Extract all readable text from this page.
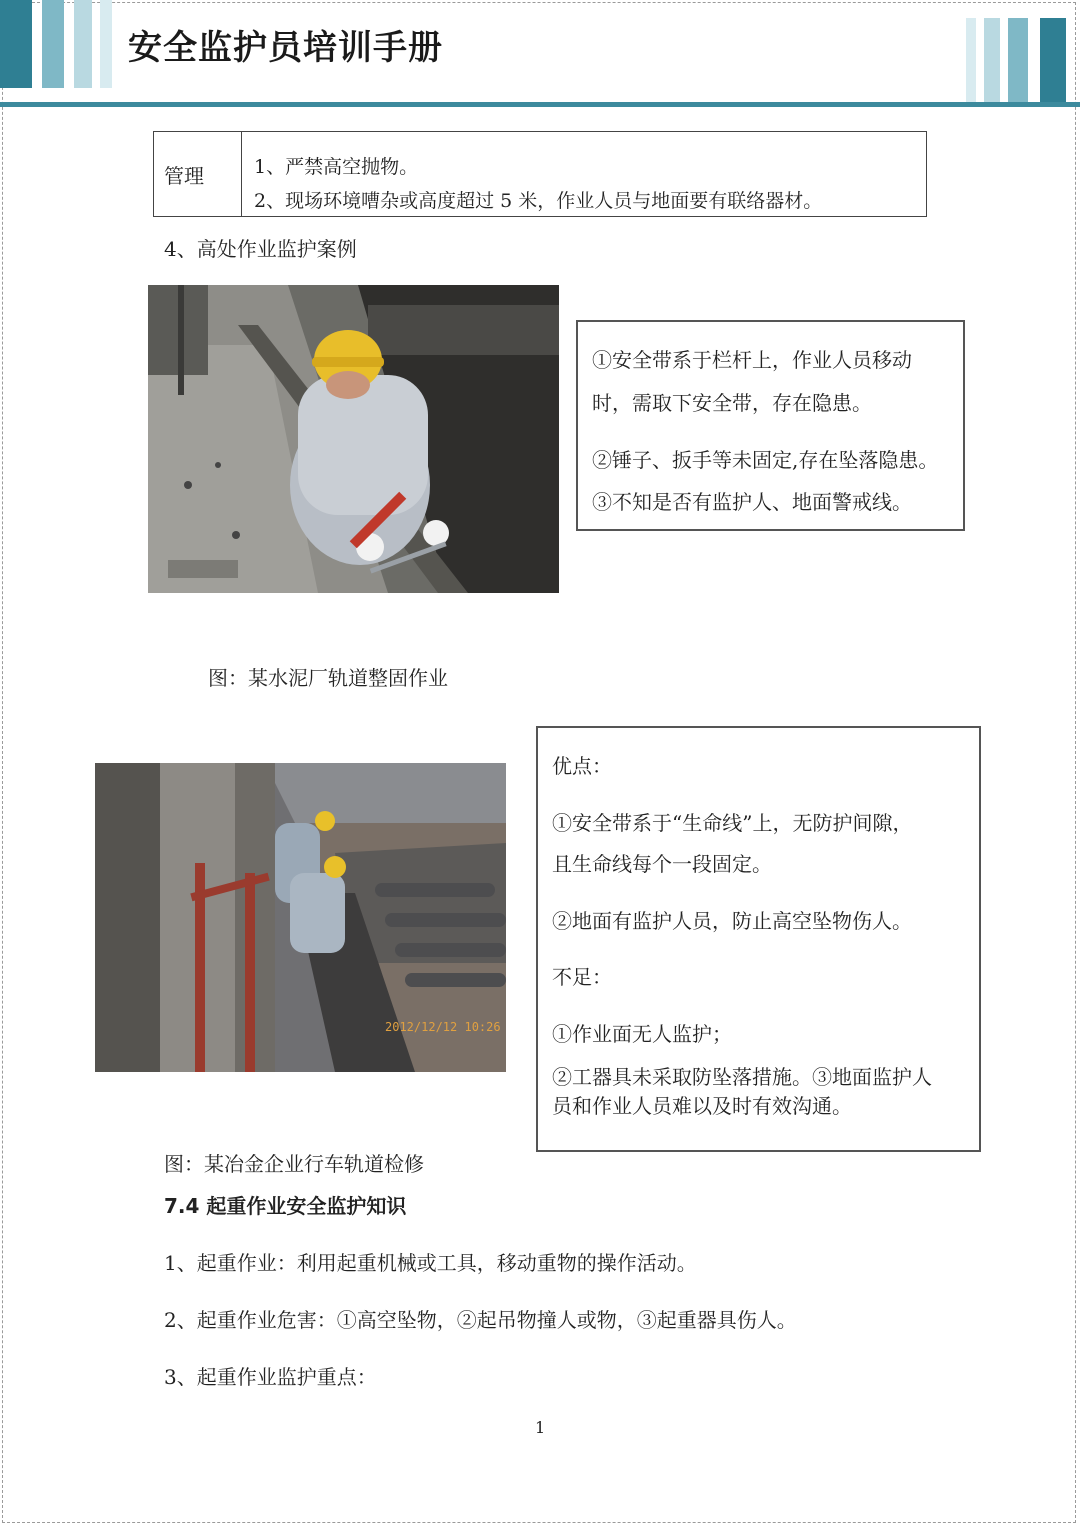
安全监护员培训手册
管理	1、严禁高空抛物。
2、现场环境嘈杂或高度超过 5 米，作业人员与地面要有联络器材。
4、高处作业监护案例

①安全带系于栏杆上，作业人员移动

时，需取下安全带，存在隐患。

②锤子、扳手等未固定,存在坠落隐患。

③不知是否有监护人、地面警戒线。

图：某水泥厂轨道整固作业
2012/12/12 10:26

优点：

①安全带系于“生命线”上，无防护间隙，

且生命线每个一段固定。

②地面有监护人员，防止高空坠物伤人。

不足：

①作业面无人监护；

②工器具未采取防坠落措施。③地面监护人

员和作业人员难以及时有效沟通。

图：某冶金企业行车轨道检修
7.4 起重作业安全监护知识
1、起重作业：利用起重机械或工具，移动重物的操作活动。
2、起重作业危害：①高空坠物，②起吊物撞人或物，③起重器具伤人。
3、起重作业监护重点：
1
